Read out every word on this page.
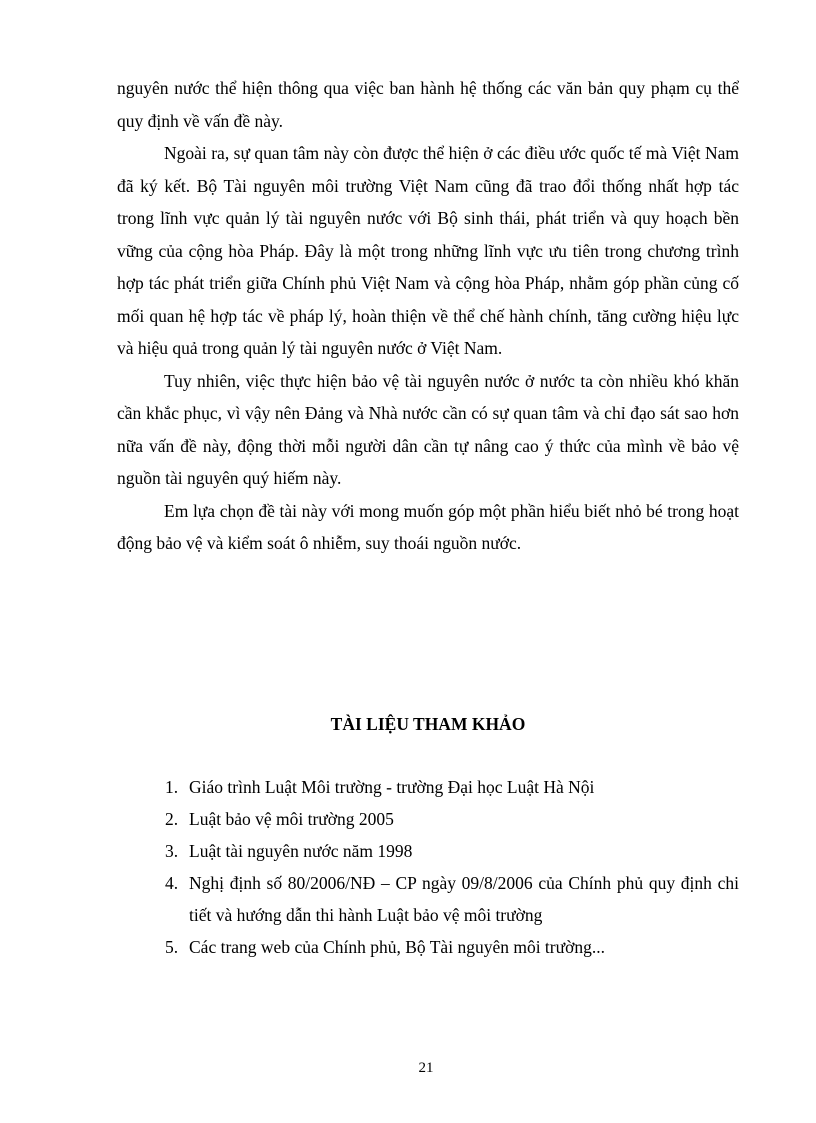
nguyên nước thể hiện thông qua việc ban hành hệ thống các văn bản quy phạm cụ thể quy định về vấn đề này.

Ngoài ra, sự quan tâm này còn được thể hiện ở các điều ước quốc tế mà Việt Nam đã ký kết. Bộ Tài nguyên môi trường Việt Nam cũng đã trao đổi thống nhất hợp tác trong lĩnh vực quản lý tài nguyên nước với Bộ sinh thái, phát triển và quy hoạch bền vững của cộng hòa Pháp. Đây là một trong những lĩnh vực ưu tiên trong chương trình hợp tác phát triển giữa Chính phủ Việt Nam và cộng hòa Pháp, nhằm góp phần củng cố mối quan hệ hợp tác về pháp lý, hoàn thiện về thể chế hành chính, tăng cường hiệu lực và hiệu quả trong quản lý tài nguyên nước ở Việt Nam.

Tuy nhiên, việc thực hiện bảo vệ tài nguyên nước ở nước ta còn nhiều khó khăn cần khắc phục, vì vậy nên Đảng và Nhà nước cần có sự quan tâm và chỉ đạo sát sao hơn nữa vấn đề này, động thời mỗi người dân cần tự nâng cao ý thức của mình về bảo vệ nguồn tài nguyên quý hiếm này.

Em lựa chọn đề tài này với mong muốn góp một phần hiểu biết nhỏ bé trong hoạt động bảo vệ và kiểm soát ô nhiễm, suy thoái nguồn nước.

TÀI LIỆU THAM KHẢO
1. Giáo trình Luật Môi trường - trường Đại học Luật Hà Nội
2. Luật bảo vệ môi trường 2005
3. Luật tài nguyên nước năm 1998
4. Nghị định số 80/2006/NĐ – CP ngày 09/8/2006 của Chính phủ quy định chi tiết và hướng dẫn thi hành Luật bảo vệ môi trường
5. Các trang web của Chính phủ, Bộ Tài nguyên môi trường...
21
